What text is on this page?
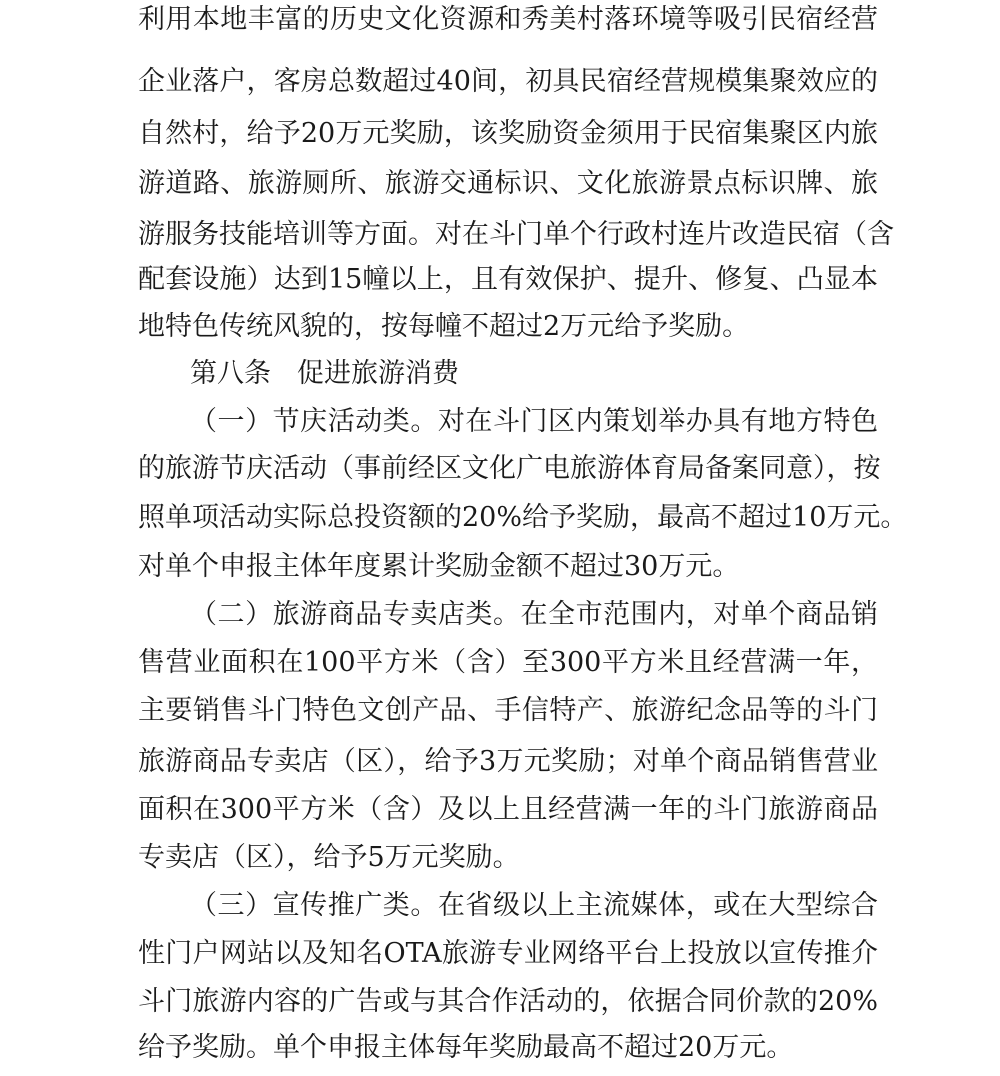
利用本地丰富的历史文化资源和秀美村落环境等吸引民宿经营
企业落户，客房总数超过40间，初具民宿经营规模集聚效应的
自然村，给予20万元奖励，该奖励资金须用于民宿集聚区内旅
游道路、旅游厕所、旅游交通标识、文化旅游景点标识牌、旅
游服务技能培训等方面。对在斗门单个行政村连片改造民宿（含
配套设施）达到15幢以上，且有效保护、提升、修复、凸显本
地特色传统风貌的，按每幢不超过2万元给予奖励。
第八条 促进旅游消费
（一）节庆活动类。对在斗门区内策划举办具有地方特色
的旅游节庆活动（事前经区文化广电旅游体育局备案同意），按
照单项活动实际总投资额的20%给予奖励，最高不超过10万元。
对单个申报主体年度累计奖励金额不超过30万元。
（二）旅游商品专卖店类。在全市范围内，对单个商品销
售营业面积在100平方米（含）至300平方米且经营满一年，
主要销售斗门特色文创产品、手信特产、旅游纪念品等的斗门
旅游商品专卖店（区），给予3万元奖励；对单个商品销售营业
面积在300平方米（含）及以上且经营满一年的斗门旅游商品
专卖店（区），给予5万元奖励。
（三）宣传推广类。在省级以上主流媒体，或在大型综合
性门户网站以及知名OTA旅游专业网络平台上投放以宣传推介
斗门旅游内容的广告或与其合作活动的，依据合同价款的20%
给予奖励。单个申报主体每年奖励最高不超过20万元。
